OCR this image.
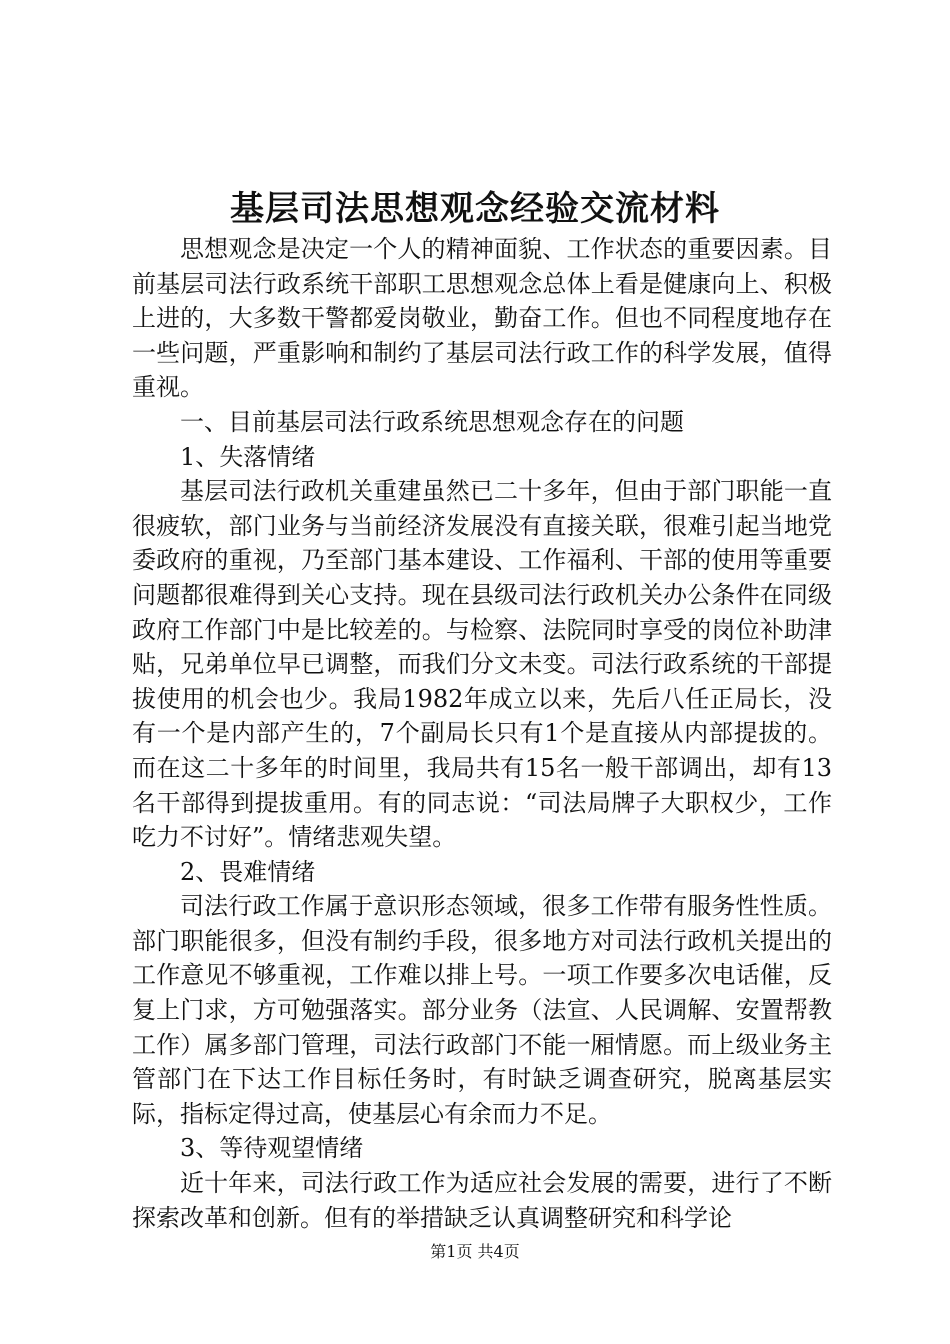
基层司法思想观念经验交流材料

思想观念是决定一个人的精神面貌、工作状态的重要因素。目前基层司法行政系统干部职工思想观念总体上看是健康向上、积极上进的，大多数干警都爱岗敬业，勤奋工作。但也不同程度地存在一些问题，严重影响和制约了基层司法行政工作的科学发展，值得重视。

一、目前基层司法行政系统思想观念存在的问题

1、失落情绪

基层司法行政机关重建虽然已二十多年，但由于部门职能一直很疲软，部门业务与当前经济发展没有直接关联，很难引起当地党委政府的重视，乃至部门基本建设、工作福利、干部的使用等重要问题都很难得到关心支持。现在县级司法行政机关办公条件在同级政府工作部门中是比较差的。与检察、法院同时享受的岗位补助津贴，兄弟单位早已调整，而我们分文未变。司法行政系统的干部提拔使用的机会也少。我局1982年成立以来，先后八任正局长，没有一个是内部产生的，7个副局长只有1个是直接从内部提拔的。而在这二十多年的时间里，我局共有15名一般干部调出，却有13名干部得到提拔重用。有的同志说：“司法局牌子大职权少，工作吃力不讨好”。情绪悲观失望。

2、畏难情绪

司法行政工作属于意识形态领域，很多工作带有服务性性质。部门职能很多，但没有制约手段，很多地方对司法行政机关提出的工作意见不够重视，工作难以排上号。一项工作要多次电话催，反复上门求，方可勉强落实。部分业务（法宣、人民调解、安置帮教工作）属多部门管理，司法行政部门不能一厢情愿。而上级业务主管部门在下达工作目标任务时，有时缺乏调查研究，脱离基层实际，指标定得过高，使基层心有余而力不足。

3、等待观望情绪

近十年来，司法行政工作为适应社会发展的需要，进行了不断探索改革和创新。但有的举措缺乏认真调整研究和科学论

第1页 共4页
